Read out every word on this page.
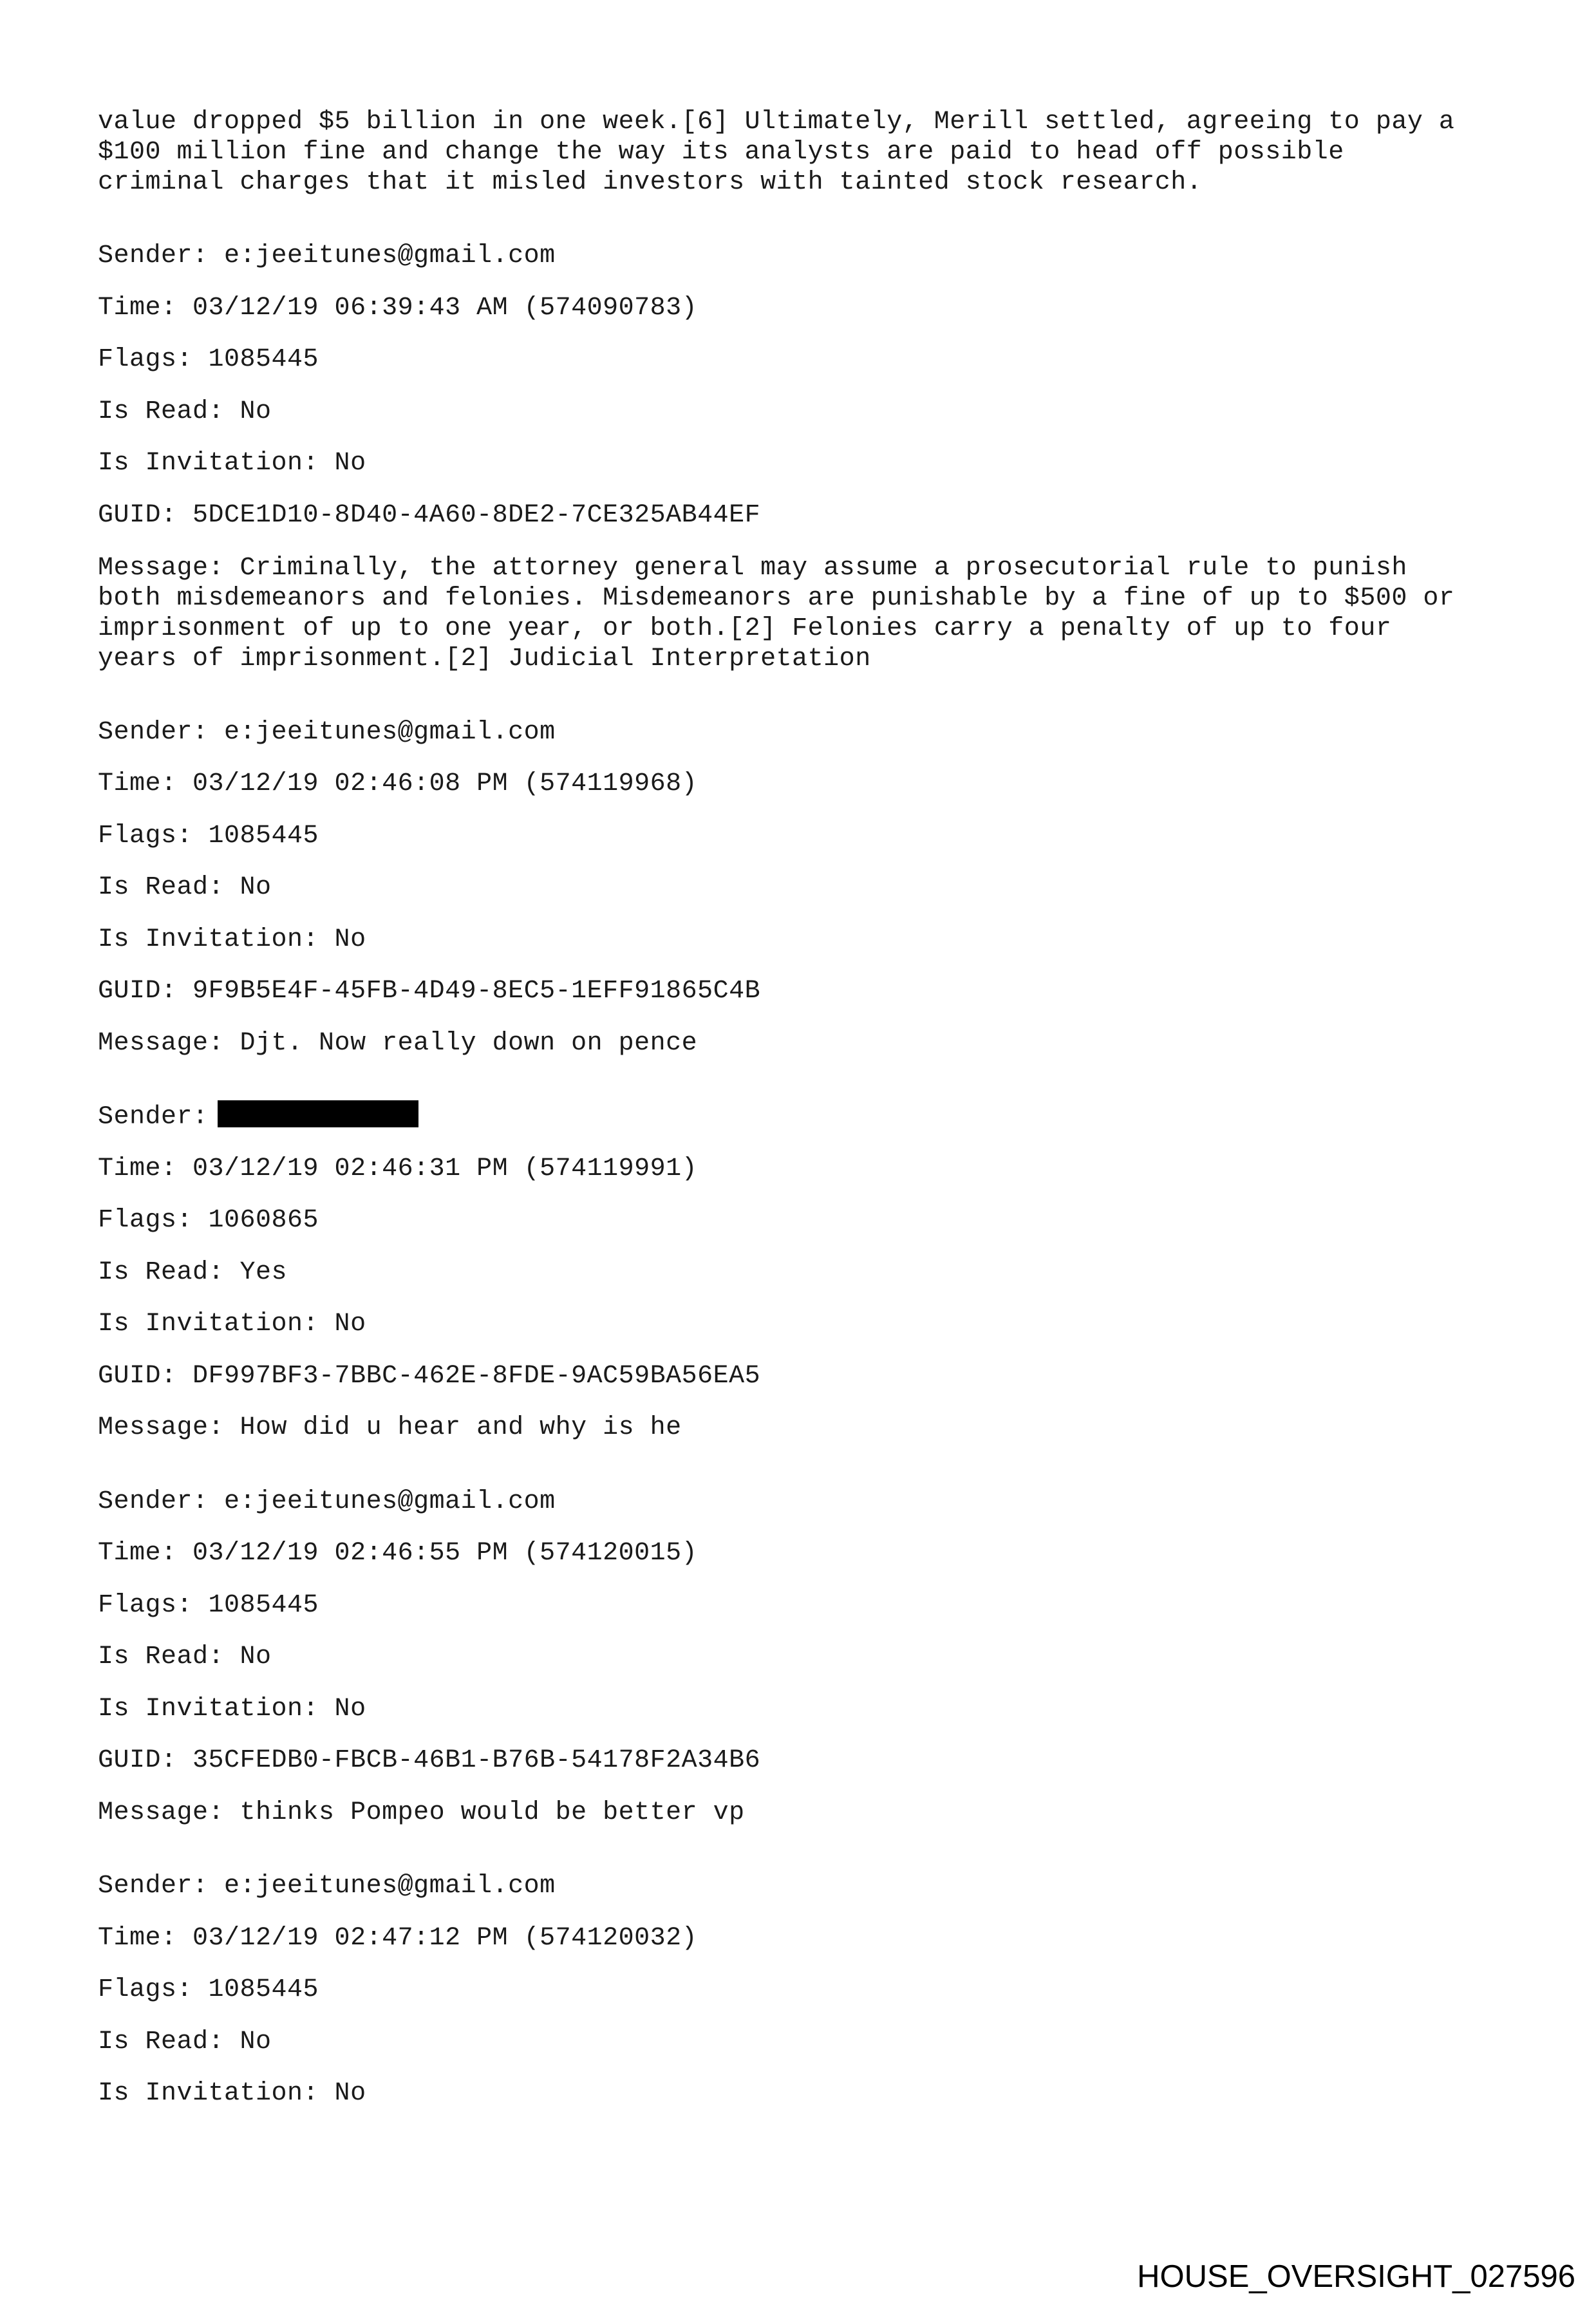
value dropped $5 billion in one week.[6] Ultimately, Merill settled, agreeing to pay a
$100 million fine and change the way its analysts are paid to head off possible
criminal charges that it misled investors with tainted stock research.
Sender: e:jeeitunes@gmail.com
Time: 03/12/19 06:39:43 AM (574090783)
Flags: 1085445
Is Read: No
Is Invitation: No
GUID: 5DCE1D10-8D40-4A60-8DE2-7CE325AB44EF
Message: Criminally, the attorney general may assume a prosecutorial rule to punish
both misdemeanors and felonies. Misdemeanors are punishable by a fine of up to $500 or
imprisonment of up to one year, or both.[2] Felonies carry a penalty of up to four
years of imprisonment.[2] Judicial Interpretation
Sender: e:jeeitunes@gmail.com
Time: 03/12/19 02:46:08 PM (574119968)
Flags: 1085445
Is Read: No
Is Invitation: No
GUID: 9F9B5E4F-45FB-4D49-8EC5-1EFF91865C4B
Message: Djt. Now really down on pence
Sender:
Time: 03/12/19 02:46:31 PM (574119991)
Flags: 1060865
Is Read: Yes
Is Invitation: No
GUID: DF997BF3-7BBC-462E-8FDE-9AC59BA56EA5
Message: How did u hear and why is he
Sender: e:jeeitunes@gmail.com
Time: 03/12/19 02:46:55 PM (574120015)
Flags: 1085445
Is Read: No
Is Invitation: No
GUID: 35CFEDB0-FBCB-46B1-B76B-54178F2A34B6
Message: thinks Pompeo would be better vp
Sender: e:jeeitunes@gmail.com
Time: 03/12/19 02:47:12 PM (574120032)
Flags: 1085445
Is Read: No
Is Invitation: No
HOUSE_OVERSIGHT_027596
